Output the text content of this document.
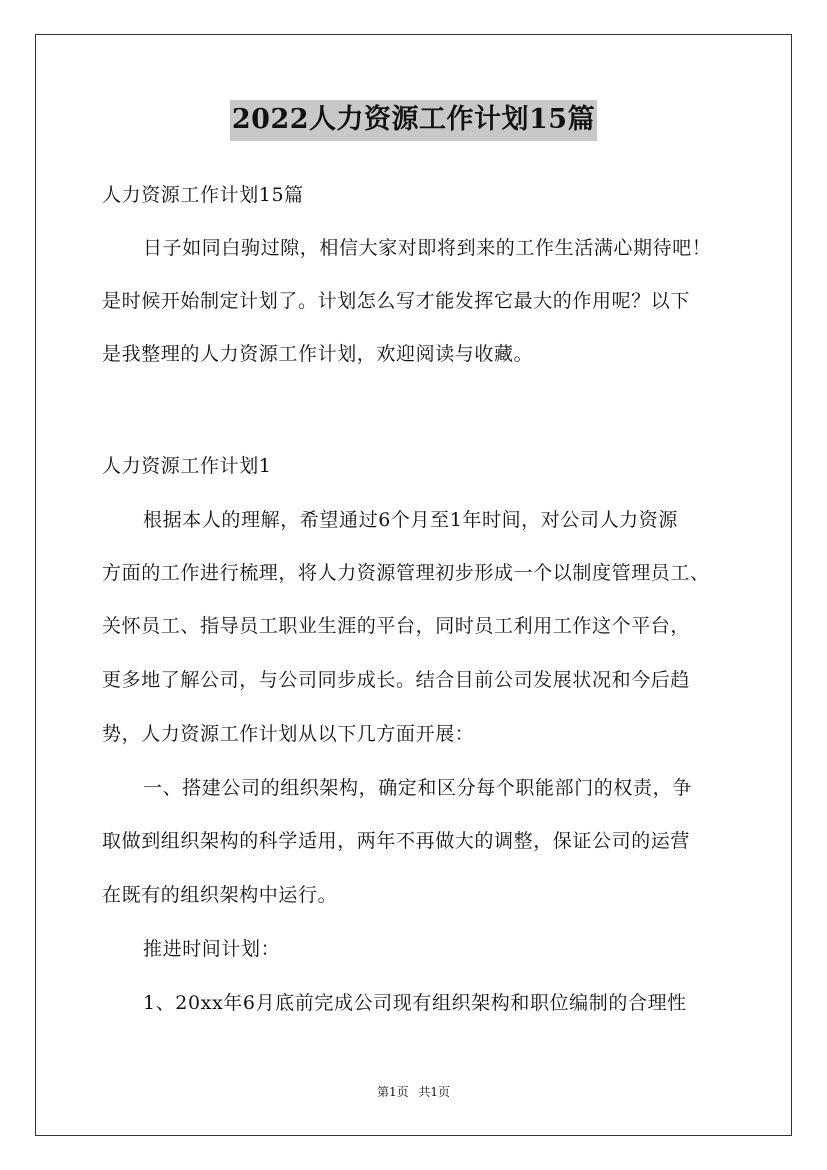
2022人力资源工作计划15篇
人力资源工作计划15篇
日子如同白驹过隙，相信大家对即将到来的工作生活满心期待吧！
是时候开始制定计划了。计划怎么写才能发挥它最大的作用呢？以下
是我整理的人力资源工作计划，欢迎阅读与收藏。
人力资源工作计划1
根据本人的理解，希望通过6个月至1年时间，对公司人力资源
方面的工作进行梳理，将人力资源管理初步形成一个以制度管理员工、
关怀员工、指导员工职业生涯的平台，同时员工利用工作这个平台，
更多地了解公司，与公司同步成长。结合目前公司发展状况和今后趋
势，人力资源工作计划从以下几方面开展：
一、搭建公司的组织架构，确定和区分每个职能部门的权责，争
取做到组织架构的科学适用，两年不再做大的调整，保证公司的运营
在既有的组织架构中运行。
推进时间计划：
1、20xx年6月底前完成公司现有组织架构和职位编制的合理性
第1页 共1页
